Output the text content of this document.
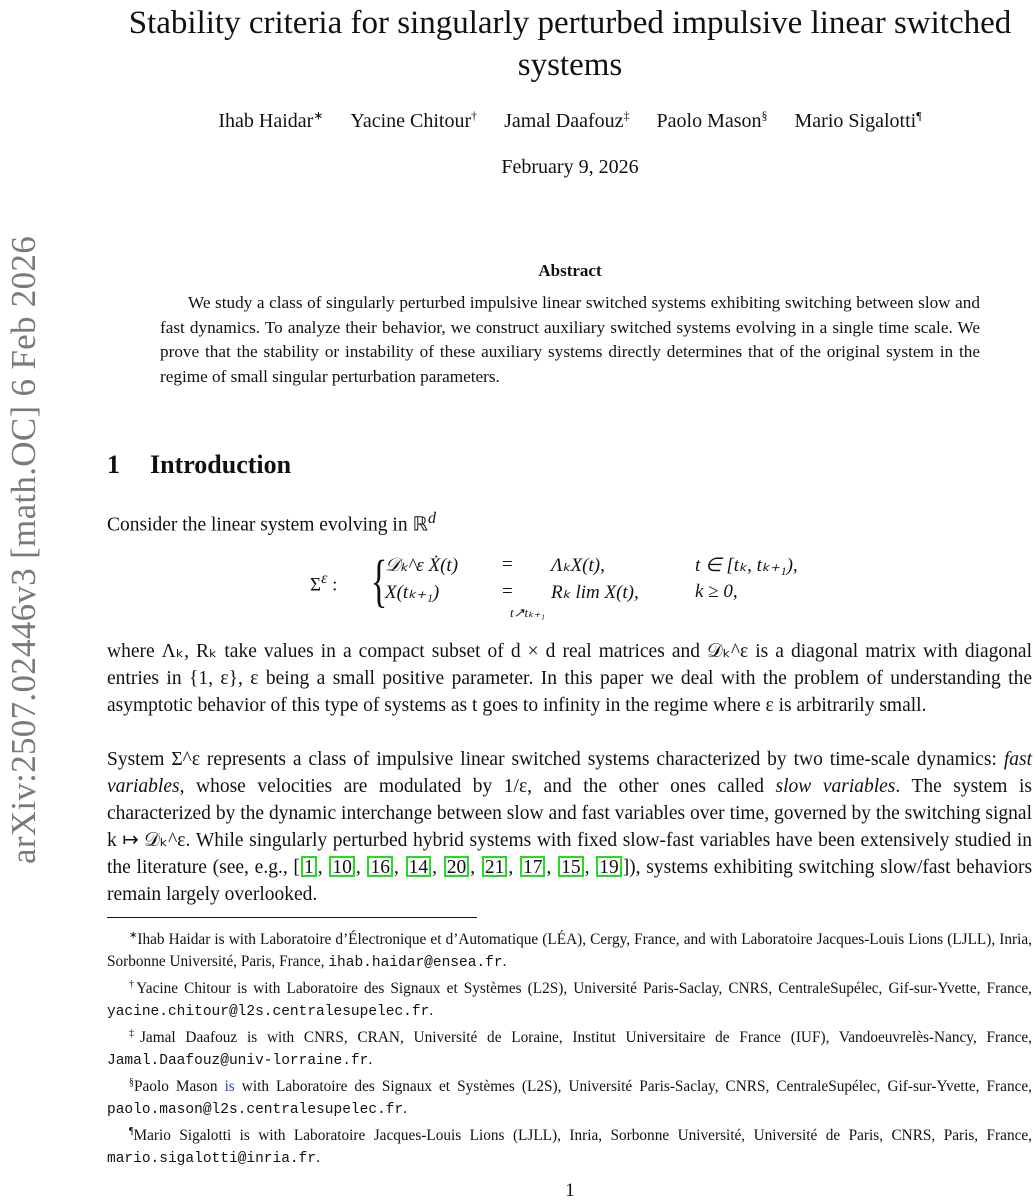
arXiv:2507.02446v3 [math.OC] 6 Feb 2026
Stability criteria for singularly perturbed impulsive linear switched
systems
Ihab Haidar∗ Yacine Chitour† Jamal Daafouz‡ Paolo Mason§ Mario Sigalotti¶
February 9, 2026
Abstract
We study a class of singularly perturbed impulsive linear switched systems exhibiting switching between slow and fast dynamics. To analyze their behavior, we construct auxiliary switched systems evolving in a single time scale. We prove that the stability or instability of these auxiliary systems directly determines that of the original system in the regime of small singular perturbation parameters.
1 Introduction
Consider the linear system evolving in ℝ$^d$
$\Sigma^\varepsilon$ : {
𝒟ₖ^ε Ẋ(t) = ΛₖX(t),	t ∈ [tₖ, tₖ₊₁),
X(tₖ₊₁)	= Rₖ lim X(t),	k ≥ 0,
t↗tₖ₊₁
where Λₖ, Rₖ take values in a compact subset of d × d real matrices and 𝒟ₖ^ε is a diagonal matrix with diagonal entries in {1, ε}, ε being a small positive parameter. In this paper we deal with the problem of understanding the asymptotic behavior of this type of systems as t goes to infinity in the regime where ε is arbitrarily small.
System Σ^ε represents a class of impulsive linear switched systems characterized by two time-scale dynamics: fast variables, whose velocities are modulated by 1/ε, and the other ones called slow variables. The system is characterized by the dynamic interchange between slow and fast variables over time, governed by the switching signal k ↦ 𝒟ₖ^ε. While singularly perturbed hybrid systems with fixed slow-fast variables have been extensively studied in the literature (see, e.g., [ 1 , 10 , 16 , 14 , 20 , 21 , 17 , 15 , 19 ]), systems exhibiting switching slow/fast behaviors remain largely overlooked.

∗Ihab Haidar is with Laboratoire d’Électronique et d’Automatique (LÉA), Cergy, France, and with Laboratoire Jacques-Louis Lions (LJLL), Inria, Sorbonne Université, Paris, France, ihab.haidar@ensea.fr.

†Yacine Chitour is with Laboratoire des Signaux et Systèmes (L2S), Université Paris-Saclay, CNRS, CentraleSupélec, Gif-sur-Yvette, France, yacine.chitour@l2s.centralesupelec.fr.

‡Jamal Daafouz is with CNRS, CRAN, Université de Loraine, Institut Universitaire de France (IUF), Vandoeuvrelès-Nancy, France, Jamal.Daafouz@univ-lorraine.fr.

§Paolo Mason is with Laboratoire des Signaux et Systèmes (L2S), Université Paris-Saclay, CNRS, CentraleSupélec, Gif-sur-Yvette, France, paolo.mason@l2s.centralesupelec.fr.

¶Mario Sigalotti is with Laboratoire Jacques-Louis Lions (LJLL), Inria, Sorbonne Université, Université de Paris, CNRS, Paris, France, mario.sigalotti@inria.fr.

1
